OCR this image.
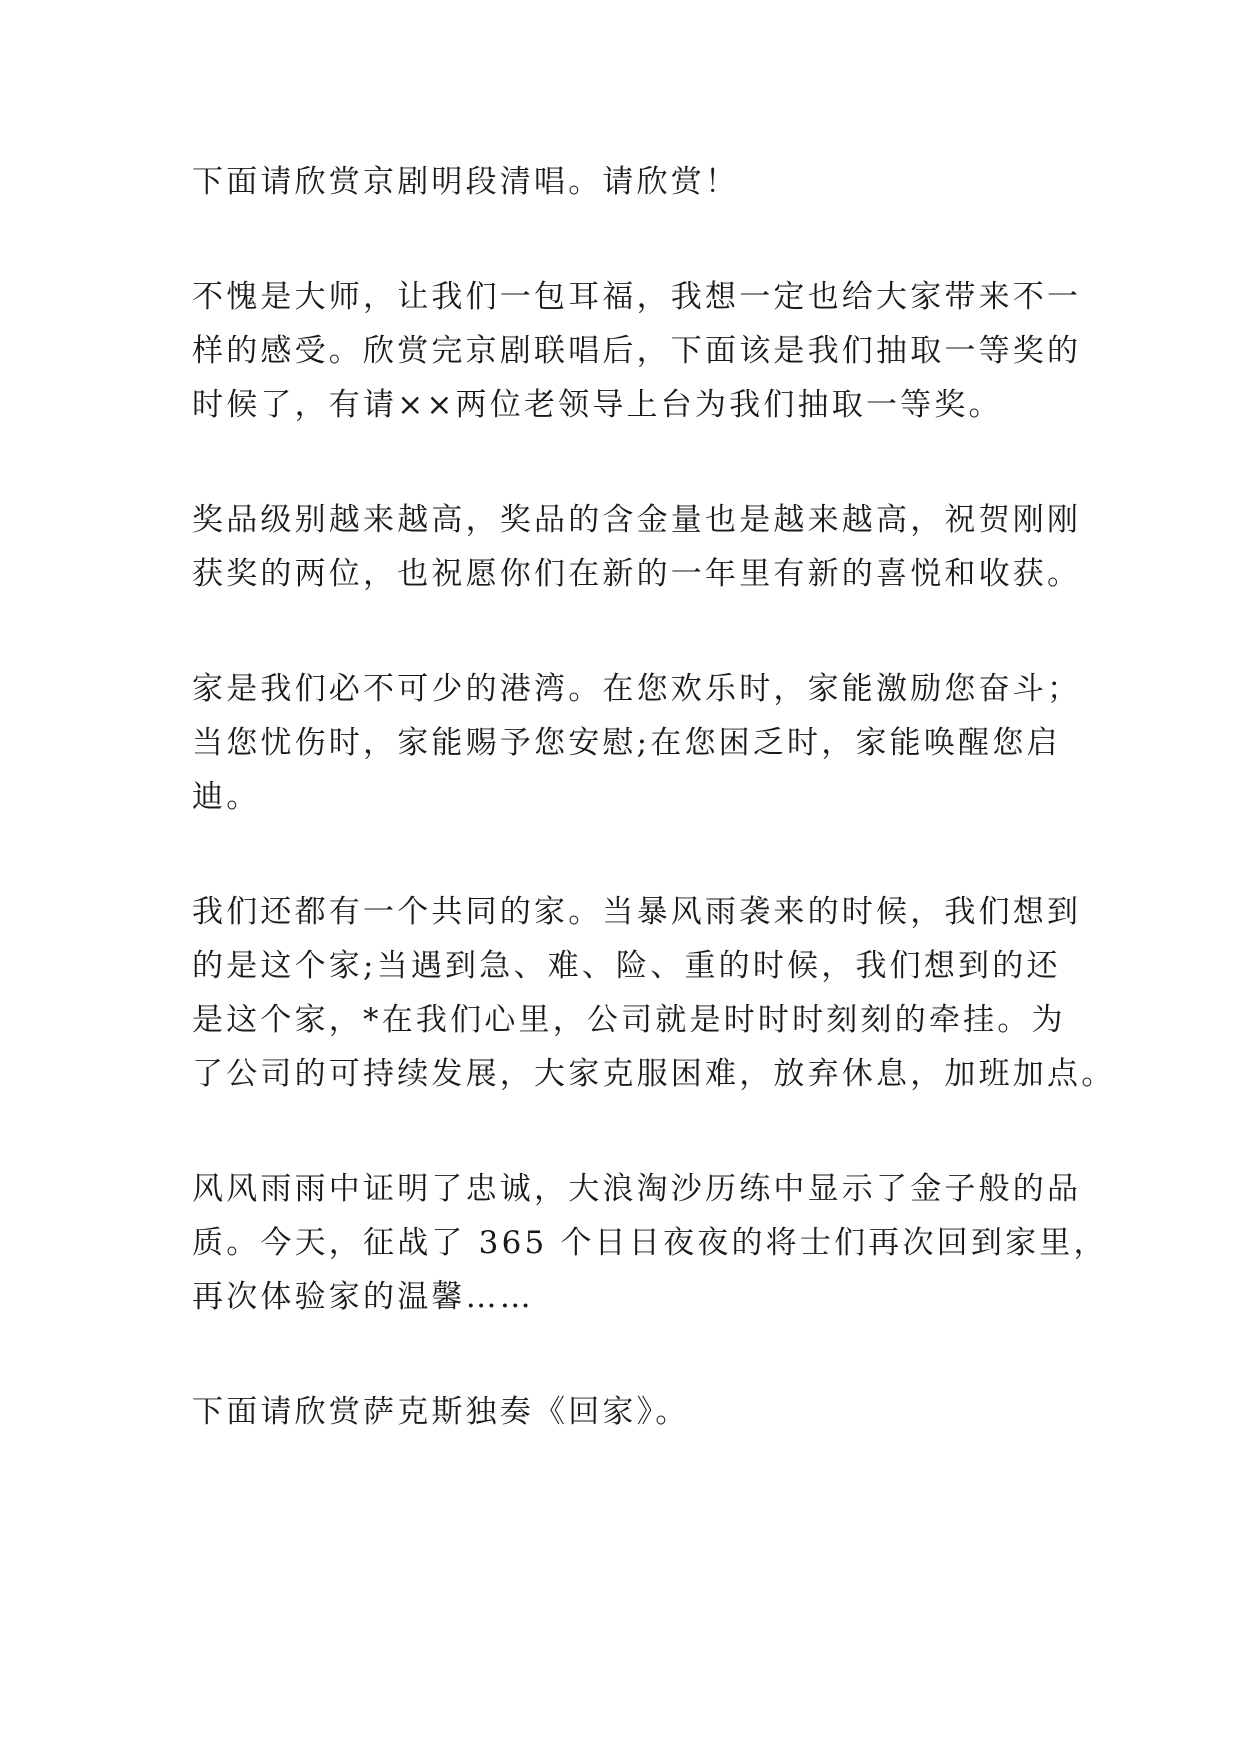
下面请欣赏京剧明段清唱。请欣赏！

不愧是大师，让我们一包耳福，我想一定也给大家带来不一
样的感受。欣赏完京剧联唱后，下面该是我们抽取一等奖的
时候了，有请××两位老领导上台为我们抽取一等奖。

奖品级别越来越高，奖品的含金量也是越来越高，祝贺刚刚
获奖的两位，也祝愿你们在新的一年里有新的喜悦和收获。

家是我们必不可少的港湾。在您欢乐时，家能激励您奋斗；
当您忧伤时，家能赐予您安慰;在您困乏时，家能唤醒您启
迪。

我们还都有一个共同的家。当暴风雨袭来的时候，我们想到
的是这个家;当遇到急、难、险、重的时候，我们想到的还
是这个家，*在我们心里，公司就是时时时刻刻的牵挂。为
了公司的可持续发展，大家克服困难，放弃休息，加班加点。

风风雨雨中证明了忠诚，大浪淘沙历练中显示了金子般的品
质。今天，征战了 365 个日日夜夜的将士们再次回到家里，
再次体验家的温馨……

下面请欣赏萨克斯独奏《回家》。
